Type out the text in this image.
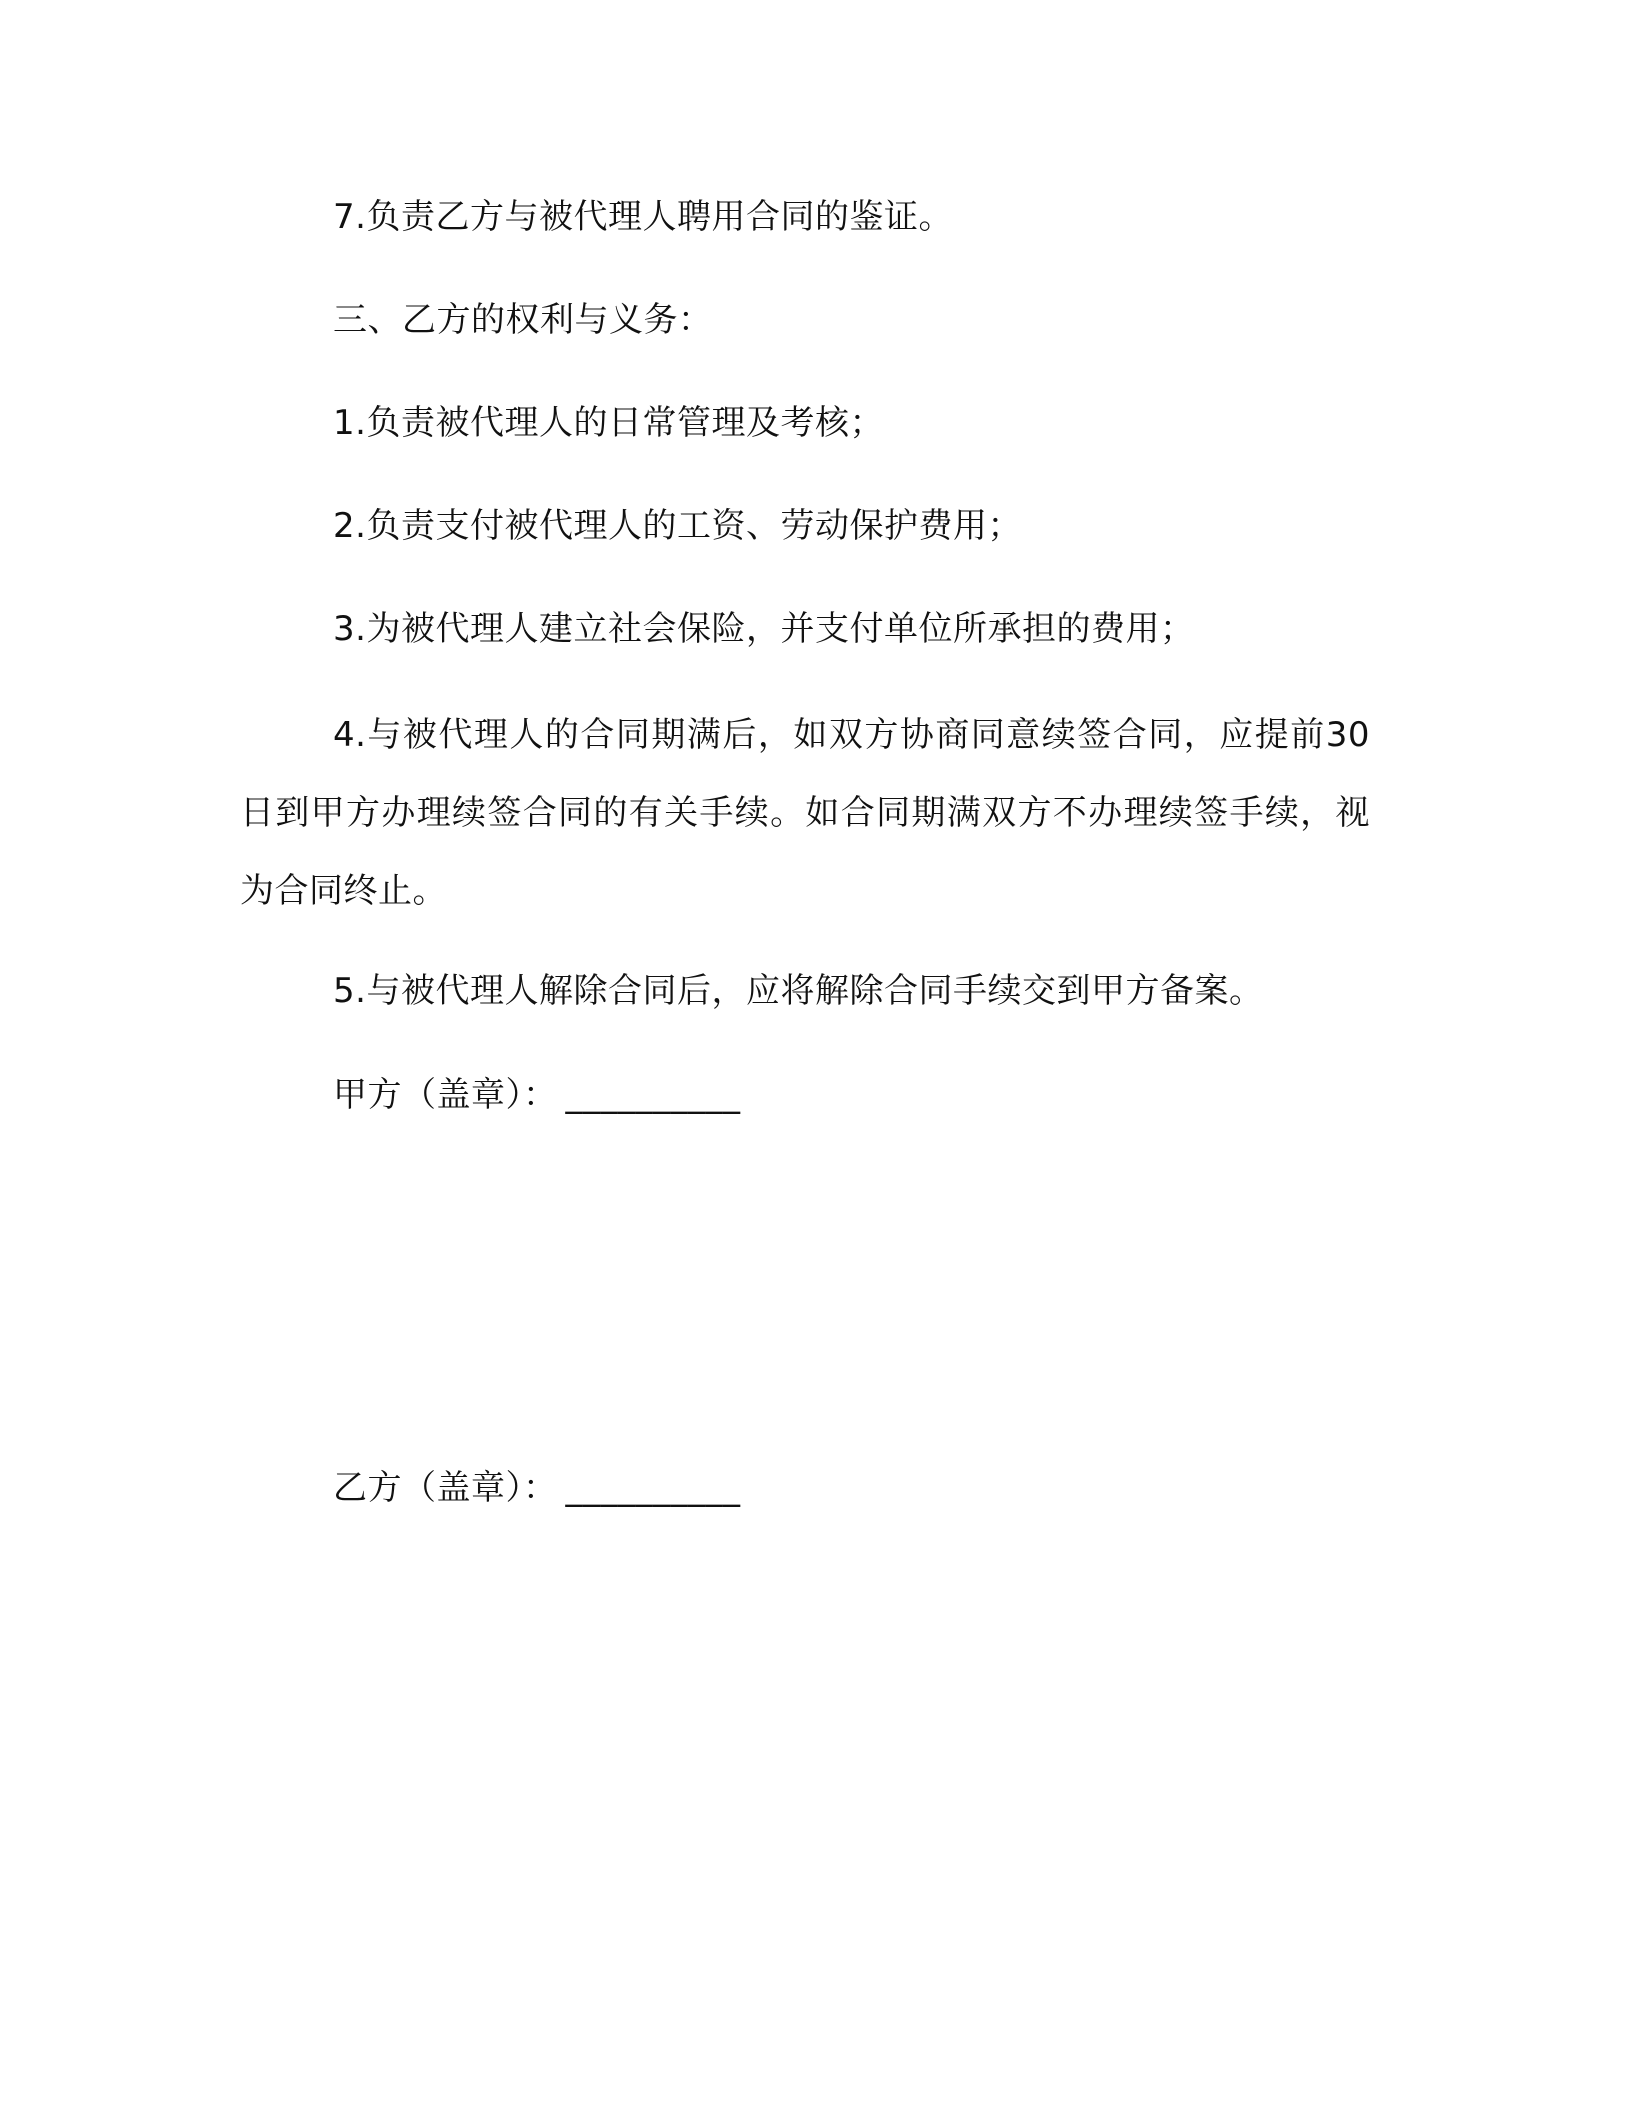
7.负责乙方与被代理人聘用合同的鉴证。
三、乙方的权利与义务：
1.负责被代理人的日常管理及考核；
2.负责支付被代理人的工资、劳动保护费用；
3.为被代理人建立社会保险，并支付单位所承担的费用；
4.与被代理人的合同期满后，如双方协商同意续签合同，应提前30 日到甲方办理续签合同的有关手续。如合同期满双方不办理续签手续，视为合同终止。
5.与被代理人解除合同后，应将解除合同手续交到甲方备案。
甲方（盖章）： __________
乙方（盖章）： __________
